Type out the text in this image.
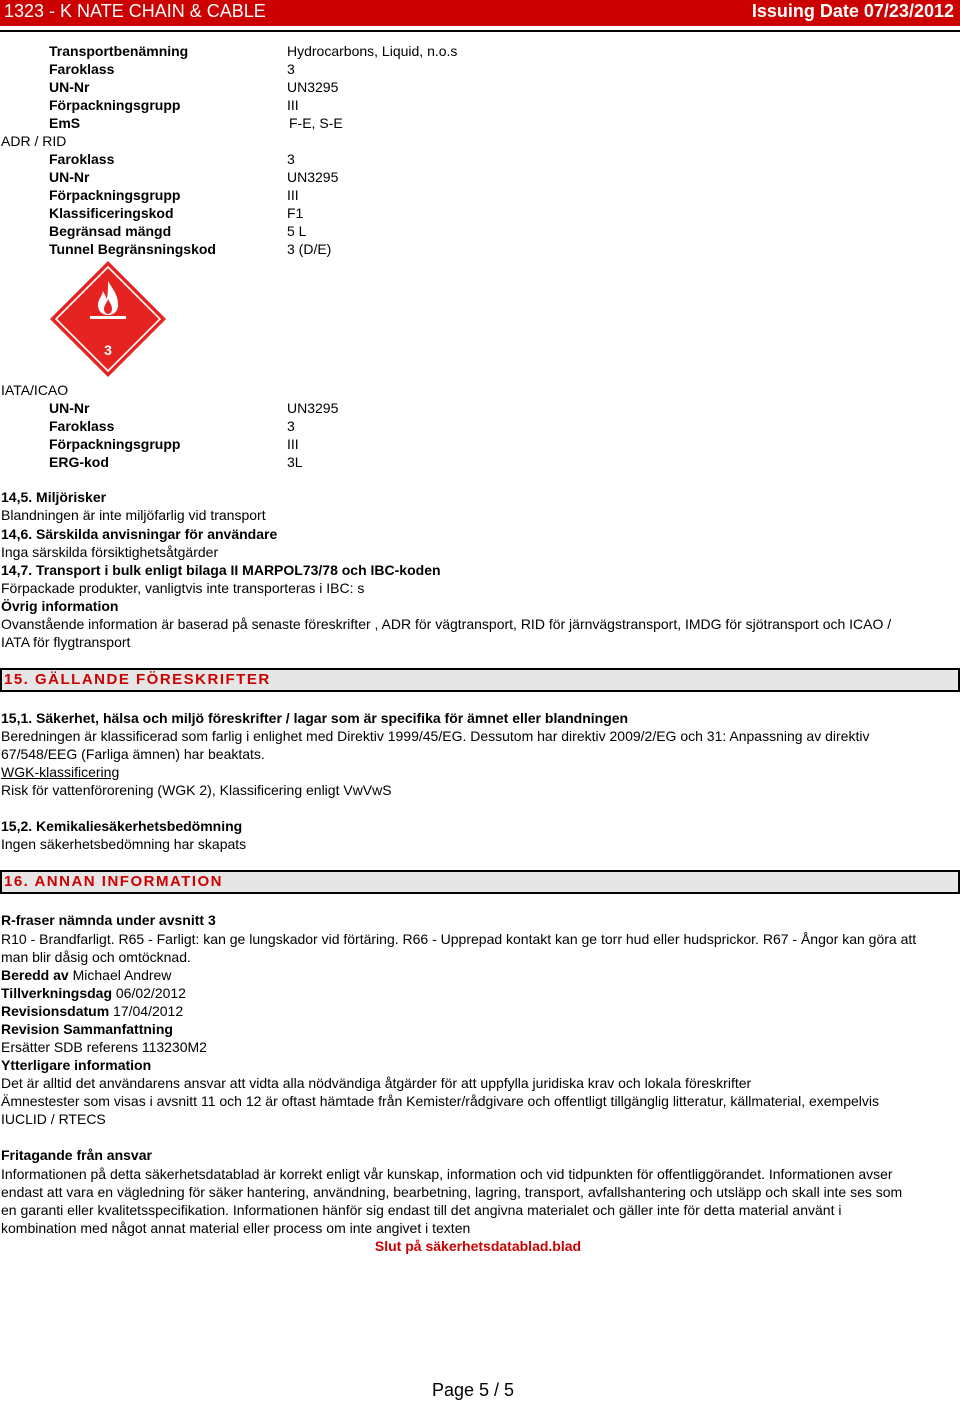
1323 - K NATE CHAIN & CABLE	Issuing Date 07/23/2012
Transportbenämning	Hydrocarbons, Liquid, n.o.s
Faroklass	3
UN-Nr	UN3295
Förpackningsgrupp	III
EmS	F-E, S-E
ADR / RID
Faroklass	3
UN-Nr	UN3295
Förpackningsgrupp	III
Klassificeringskod	F1
Begränsad mängd	5 L
Tunnel Begränsningskod	3 (D/E)
3
IATA/ICAO
UN-Nr	UN3295
Faroklass	3
Förpackningsgrupp	III
ERG-kod	3L
14,5. Miljörisker
Blandningen är inte miljöfarlig vid transport
14,6. Särskilda anvisningar för användare
Inga särskilda försiktighetsåtgärder
14,7. Transport i bulk enligt bilaga II MARPOL73/78 och IBC-koden
Förpackade produkter, vanligtvis inte transporteras i IBC: s
Övrig information
Ovanstående information är baserad på senaste föreskrifter , ADR för vägtransport, RID för järnvägstransport, IMDG för sjötransport och ICAO /
IATA för flygtransport
15. GÄLLANDE FÖRESKRIFTER
15,1. Säkerhet, hälsa och miljö föreskrifter / lagar som är specifika för ämnet eller blandningen
Beredningen är klassificerad som farlig i enlighet med Direktiv 1999/45/EG. Dessutom har direktiv 2009/2/EG och 31: Anpassning av direktiv
67/548/EEG (Farliga ämnen) har beaktats.
WGK-klassificering
Risk för vattenförorening (WGK 2), Klassificering enligt VwVwS
15,2. Kemikaliesäkerhetsbedömning
Ingen säkerhetsbedömning har skapats
16. ANNAN INFORMATION
R-fraser nämnda under avsnitt 3
R10 - Brandfarligt. R65 - Farligt: kan ge lungskador vid förtäring. R66 - Upprepad kontakt kan ge torr hud eller hudsprickor. R67 - Ångor kan göra att
man blir dåsig och omtöcknad.
Beredd av Michael Andrew
Tillverkningsdag 06/02/2012
Revisionsdatum 17/04/2012
Revision Sammanfattning
Ersätter SDB referens 113230M2
Ytterligare information
Det är alltid det användarens ansvar att vidta alla nödvändiga åtgärder för att uppfylla juridiska krav och lokala föreskrifter
Ämnestester som visas i avsnitt 11 och 12 är oftast hämtade från Kemister/rådgivare och offentligt tillgänglig litteratur, källmaterial, exempelvis
IUCLID / RTECS
Fritagande från ansvar
Informationen på detta säkerhetsdatablad är korrekt enligt vår kunskap, information och vid tidpunkten för offentliggörandet. Informationen avser
endast att vara en vägledning för säker hantering, användning, bearbetning, lagring, transport, avfallshantering och utsläpp och skall inte ses som
en garanti eller kvalitetsspecifikation. Informationen hänför sig endast till det angivna materialet och gäller inte för detta material använt i
kombination med något annat material eller process om inte angivet i texten
Slut på säkerhetsdatablad.blad
Page 5 / 5
